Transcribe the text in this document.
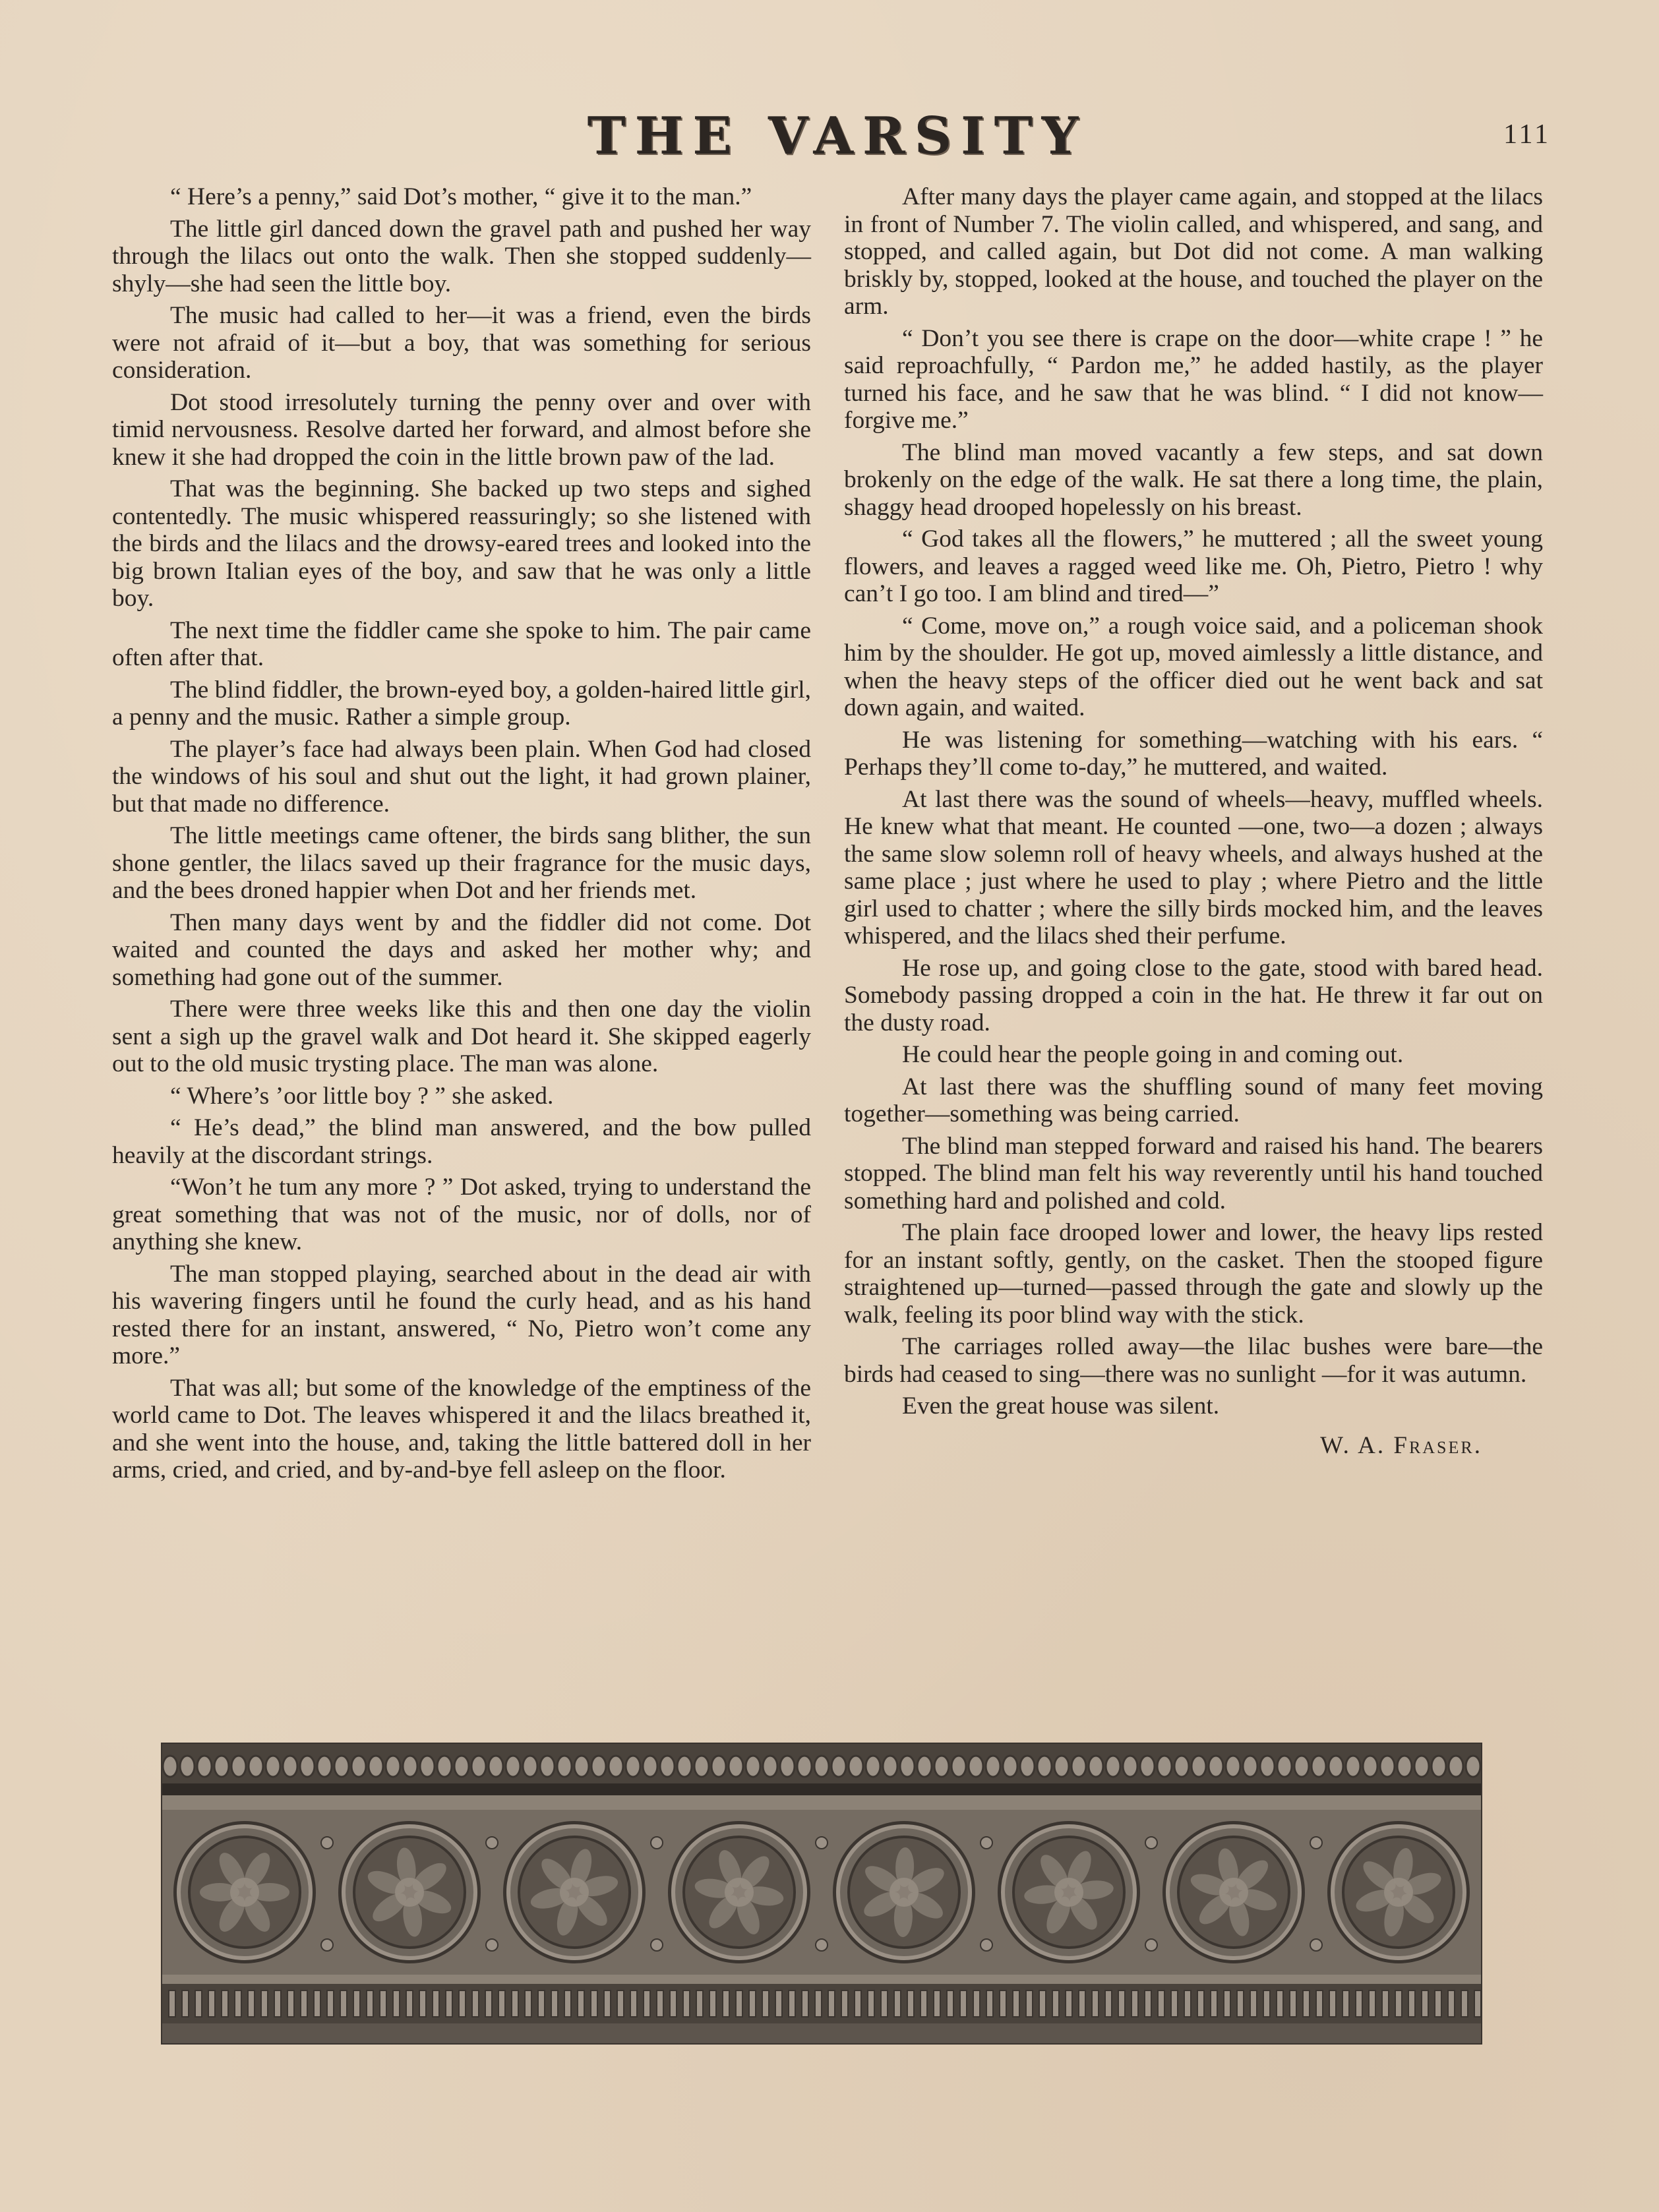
THE VARSITY	111

“ Here’s a penny,” said Dot’s mother, “ give it to the man.”

The little girl danced down the gravel path and pushed her way through the lilacs out onto the walk. Then she stopped suddenly—shyly—she had seen the little boy.

The music had called to her—it was a friend, even the birds were not afraid of it—but a boy, that was something for serious consideration.

Dot stood irresolutely turning the penny over and over with timid nervousness. Resolve darted her forward, and almost before she knew it she had dropped the coin in the little brown paw of the lad.

That was the beginning. She backed up two steps and sighed contentedly. The music whispered reassuringly; so she listened with the birds and the lilacs and the drowsy-eared trees and looked into the big brown Italian eyes of the boy, and saw that he was only a little boy.

The next time the fiddler came she spoke to him. The pair came often after that.

The blind fiddler, the brown-eyed boy, a golden-haired little girl, a penny and the music. Rather a simple group.

The player’s face had always been plain. When God had closed the windows of his soul and shut out the light, it had grown plainer, but that made no difference.

The little meetings came oftener, the birds sang blither, the sun shone gentler, the lilacs saved up their fragrance for the music days, and the bees droned happier when Dot and her friends met.

Then many days went by and the fiddler did not come. Dot waited and counted the days and asked her mother why; and something had gone out of the summer.

There were three weeks like this and then one day the violin sent a sigh up the gravel walk and Dot heard it. She skipped eagerly out to the old music trysting place. The man was alone.

“ Where’s ’oor little boy ? ” she asked.

“ He’s dead,” the blind man answered, and the bow pulled heavily at the discordant strings.

“Won’t he tum any more ? ” Dot asked, trying to understand the great something that was not of the music, nor of dolls, nor of anything she knew.

The man stopped playing, searched about in the dead air with his wavering fingers until he found the curly head, and as his hand rested there for an instant, answered, “ No, Pietro won’t come any more.”

That was all; but some of the knowledge of the emptiness of the world came to Dot. The leaves whispered it and the lilacs breathed it, and she went into the house, and, taking the little battered doll in her arms, cried, and cried, and by-and-bye fell asleep on the floor.

After many days the player came again, and stopped at the lilacs in front of Number 7. The violin called, and whispered, and sang, and stopped, and called again, but Dot did not come. A man walking briskly by, stopped, looked at the house, and touched the player on the arm.

“ Don’t you see there is crape on the door—white crape ! ” he said reproachfully, “ Pardon me,” he added hastily, as the player turned his face, and he saw that he was blind. “ I did not know—forgive me.”

The blind man moved vacantly a few steps, and sat down brokenly on the edge of the walk. He sat there a long time, the plain, shaggy head drooped hopelessly on his breast.

“ God takes all the flowers,” he muttered ; all the sweet young flowers, and leaves a ragged weed like me. Oh, Pietro, Pietro ! why can’t I go too. I am blind and tired—”

“ Come, move on,” a rough voice said, and a policeman shook him by the shoulder. He got up, moved aimlessly a little distance, and when the heavy steps of the officer died out he went back and sat down again, and waited.

He was listening for something—watching with his ears. “ Perhaps they’ll come to-day,” he muttered, and waited.

At last there was the sound of wheels—heavy, muffled wheels. He knew what that meant. He counted —one, two—a dozen ; always the same slow solemn roll of heavy wheels, and always hushed at the same place ; just where he used to play ; where Pietro and the little girl used to chatter ; where the silly birds mocked him, and the leaves whispered, and the lilacs shed their perfume.

He rose up, and going close to the gate, stood with bared head. Somebody passing dropped a coin in the hat. He threw it far out on the dusty road.

He could hear the people going in and coming out.

At last there was the shuffling sound of many feet moving together—something was being carried.

The blind man stepped forward and raised his hand. The bearers stopped. The blind man felt his way reverently until his hand touched something hard and polished and cold.

The plain face drooped lower and lower, the heavy lips rested for an instant softly, gently, on the casket. Then the stooped figure straightened up—turned—passed through the gate and slowly up the walk, feeling its poor blind way with the stick.

The carriages rolled away—the lilac bushes were bare—the birds had ceased to sing—there was no sunlight —for it was autumn.

Even the great house was silent.

W. A. Fraser.
